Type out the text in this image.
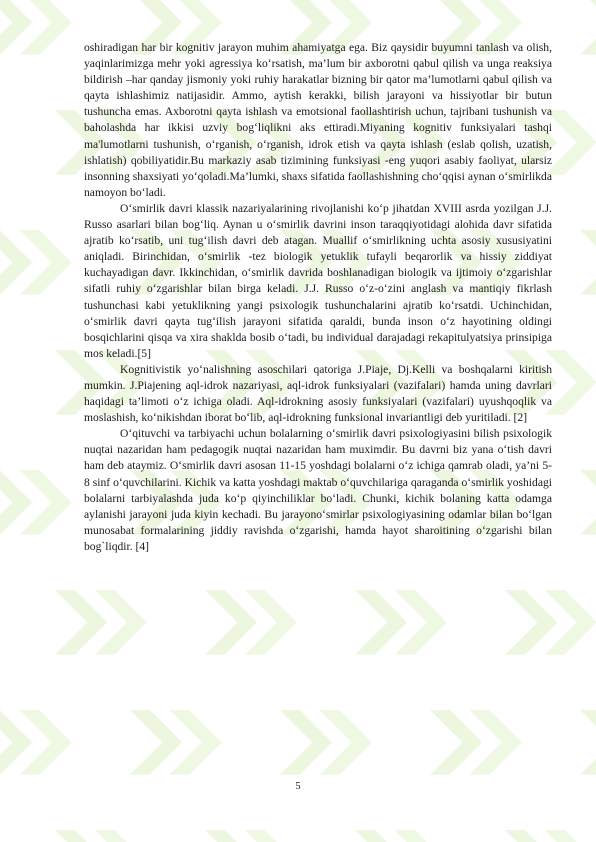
oshiradigan har bir kognitiv jarayon muhim ahamiyatga ega. Biz qaysidir buyumni tanlash va olish, yaqinlarimizga mehr yoki agressiya ko‘rsatish, ma’lum bir axborotni qabul qilish va unga reaksiya bildirish –har qanday jismoniy yoki ruhiy harakatlar bizning bir qator ma’lumotlarni qabul qilish va qayta ishlashimiz natijasidir. Ammo, aytish kerakki, bilish jarayoni va hissiyotlar bir butun tushuncha emas. Axborotni qayta ishlash va emotsional faollashtirish uchun, tajribani tushunish va baholashda har ikkisi uzviy bog‘liqlikni aks ettiradi.Miyaning kognitiv funksiyalari tashqi ma'lumotlarni tushunish, o‘rganish, o‘rganish, idrok etish va qayta ishlash (eslab qolish, uzatish, ishlatish) qobiliyatidir.Bu markaziy asab tizimining funksiyasi -eng yuqori asabiy faoliyat, ularsiz insonning shaxsiyati yo‘qoladi.Ma’lumki, shaxs sifatida faollashishning cho‘qqisi aynan o‘smirlikda namoyon bo‘ladi.

O‘smirlik davri klassik nazariyalarining rivojlanishi ko‘p jihatdan XVIII asrda yozilgan J.J. Russo asarlari bilan bog‘liq. Aynan u o‘smirlik davrini inson taraqqiyotidagi alohida davr sifatida ajratib ko‘rsatib, uni tug‘ilish davri deb atagan. Muallif o‘smirlikning uchta asosiy xususiyatini aniqladi. Birinchidan, o‘smirlik -tez biologik yetuklik tufayli beqarorlik va hissiy ziddiyat kuchayadigan davr. Ikkinchidan, o‘smirlik davrida boshlanadigan biologik va ijtimoiy o‘zgarishlar sifatli ruhiy o‘zgarishlar bilan birga keladi. J.J. Russo o‘z-o‘zini anglash va mantiqiy fikrlash tushunchasi kabi yetuklikning yangi psixologik tushunchalarini ajratib ko‘rsatdi. Uchinchidan, o‘smirlik davri qayta tug‘ilish jarayoni sifatida qaraldi, bunda inson o‘z hayotining oldingi bosqichlarini qisqa va xira shaklda bosib o‘tadi, bu individual darajadagi rekapitulyatsiya prinsipiga mos keladi.[5]

Kognitivistik yo‘nalishning asoschilari qatoriga J.Piaje, Dj.Kelli va boshqalarni kiritish mumkin. J.Piajening aql-idrok nazariyasi, aql-idrok funksiyalari (vazifalari) hamda uning davrlari haqidagi ta’limoti o‘z ichiga oladi. Aql-idrokning asosiy funksiyalari (vazifalari) uyushqoqlik va moslashish, ko‘nikishdan iborat bo‘lib, aql-idrokning funksional invariantligi deb yuritiladi. [2]

O‘qituvchi va tarbiyachi uchun bolalarning o‘smirlik davri psixologiyasini bilish psixologik nuqtai nazaridan ham pedagogik nuqtai nazaridan ham muximdir. Bu davrni biz yana o‘tish davri ham deb ataymiz. O‘smirlik davri asosan 11-15 yoshdagi bolalarni o‘z ichiga qamrab oladi, ya’ni 5-8 sinf o‘quvchilarini. Kichik va katta yoshdagi maktab o‘quvchilariga qaraganda o‘smirlik yoshidagi bolalarni tarbiyalashda juda ko‘p qiyinchiliklar bo‘ladi. Chunki, kichik bolaning katta odamga aylanishi jarayoni juda kiyin kechadi. Bu jarayono‘smirlar psixologiyasining odamlar bilan bo‘lgan munosabat formalarining jiddiy ravishda o‘zgarishi, hamda hayot sharoitining o‘zgarishi bilan bog`liqdir. [4]

5
